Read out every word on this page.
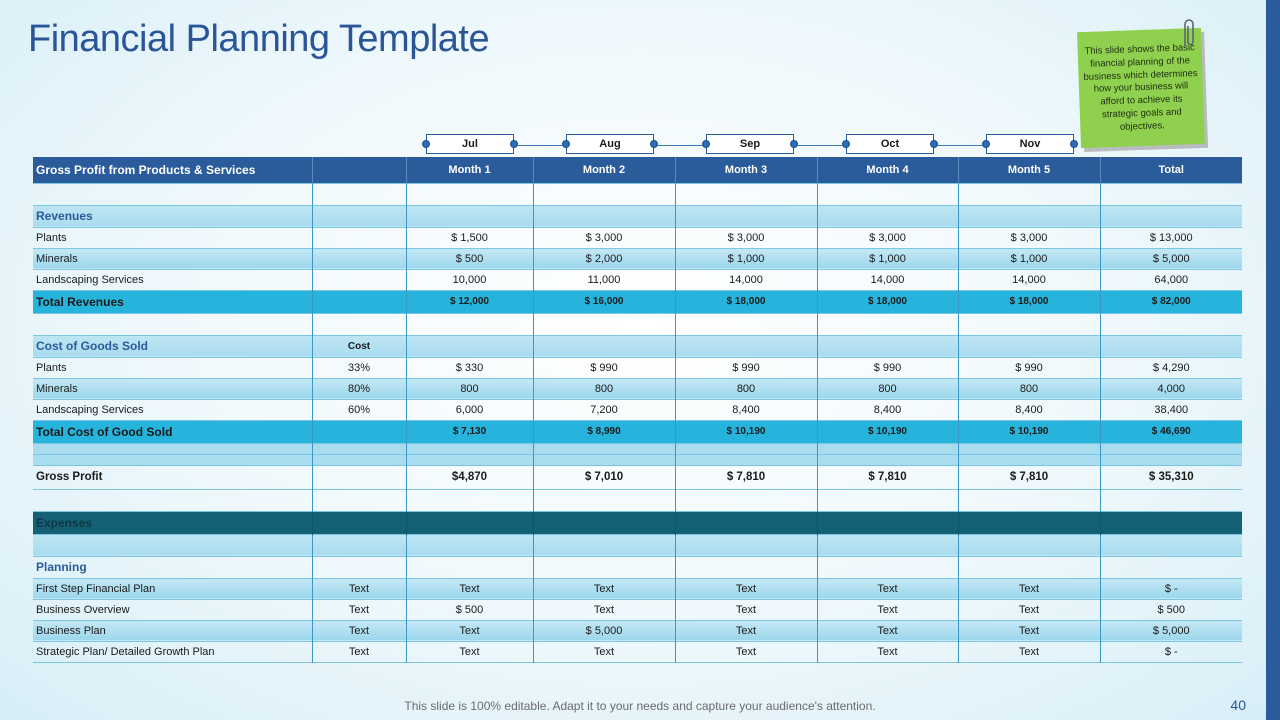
Financial Planning Template	This slide shows the basic financial planning of the business which determines how your business will afford to achieve its strategic goals and objectives.
Jul	Aug	Sep	Oct	Nov
Gross Profit from Products & Services		Month 1	Month 2	Month 3	Month 4	Month 5	Total

Revenues							
Plants		$ 1,500	$ 3,000	$ 3,000	$ 3,000	$ 3,000	$ 13,000
Minerals		$ 500	$ 2,000	$ 1,000	$ 1,000	$ 1,000	$ 5,000
Landscaping Services		10,000	11,000	14,000	14,000	14,000	64,000
Total Revenues		$ 12,000	$ 16,000	$ 18,000	$ 18,000	$ 18,000	$ 82,000

Cost of Goods Sold	Cost						
Plants	33%	$ 330	$ 990	$ 990	$ 990	$ 990	$ 4,290
Minerals	80%	800	800	800	800	800	4,000
Landscaping Services	60%	6,000	7,200	8,400	8,400	8,400	38,400
Total Cost of Good Sold		$ 7,130	$ 8,990	$ 10,190	$ 10,190	$ 10,190	$ 46,690

Gross Profit		$4,870	$ 7,010	$ 7,810	$ 7,810	$ 7,810	$ 35,310

Expenses							

Planning							
First Step Financial Plan	Text	Text	Text	Text	Text	Text	$ -
Business Overview	Text	$ 500	Text	Text	Text	Text	$ 500
Business Plan	Text	Text	$ 5,000	Text	Text	Text	$ 5,000
Strategic Plan/ Detailed Growth Plan	Text	Text	Text	Text	Text	Text	$ -
This slide is 100% editable. Adapt it to your needs and capture your audience's attention.	40
